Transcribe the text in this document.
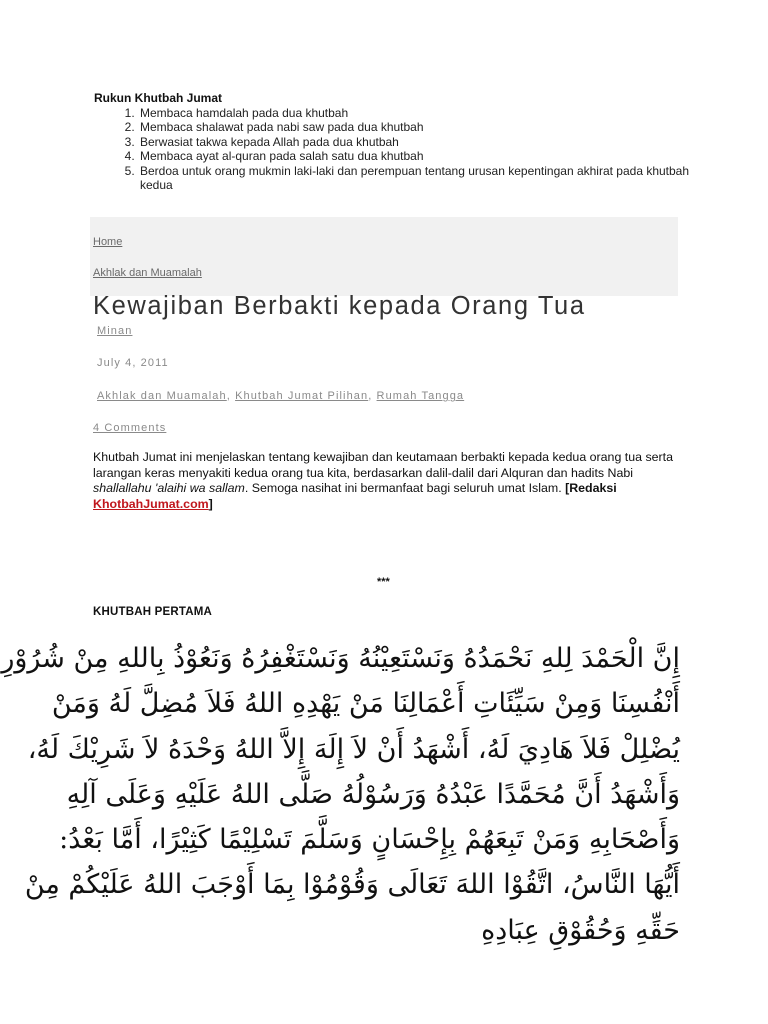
Rukun Khutbah Jumat
1. Membaca hamdalah pada dua khutbah
2. Membaca shalawat pada nabi saw pada dua khutbah
3. Berwasiat takwa kepada Allah pada dua khutbah
4. Membaca ayat al-quran pada salah satu dua khutbah
5. Berdoa untuk orang mukmin laki-laki dan perempuan tentang urusan kepentingan akhirat pada khutbah kedua
Home
Akhlak dan Muamalah
Kewajiban Berbakti kepada Orang Tua
Minan
July 4, 2011
Akhlak dan Muamalah, Khutbah Jumat Pilihan, Rumah Tangga
4 Comments
Khutbah Jumat ini menjelaskan tentang kewajiban dan keutamaan berbakti kepada kedua orang tua serta larangan keras menyakiti kedua orang tua kita, berdasarkan dalil-dalil dari Alquran dan hadits Nabi shallallahu 'alaihi wa sallam. Semoga nasihat ini bermanfaat bagi seluruh umat Islam. [Redaksi KhotbahJumat.com]
***
KHUTBAH PERTAMA
إِنَّ الْحَمْدَ لِلهِ نَحْمَدُهُ وَنَسْتَعِيْنُهُ وَنَسْتَغْفِرُهُ وَنَعُوْذُ بِاللهِ مِنْ شُرُوْرِ
أَنْفُسِنَا وَمِنْ سَيِّئَاتِ أَعْمَالِنَا مَنْ يَهْدِهِ اللهُ فَلاَ مُضِلَّ لَهُ وَمَنْ
يُضْلِلْ فَلاَ هَادِيَ لَهُ، أَشْهَدُ أَنْ لاَ إِلَهَ إِلاَّ اللهُ وَحْدَهُ لاَ شَرِيْكَ لَهُ،
وَأَشْهَدُ أَنَّ مُحَمَّدًا عَبْدُهُ وَرَسُوْلُهُ صَلَّى اللهُ عَلَيْهِ وَعَلَى آلِهِ
وَأَصْحَابِهِ وَمَنْ تَبِعَهُمْ بِإِحْسَانٍ وَسَلَّمَ تَسْلِيْمًا كَثِيْرًا، أَمَّا بَعْدُ:
أَيُّهَا النَّاسُ، اتَّقُوْا اللهَ تَعَالَى وَقُوْمُوْا بِمَا أَوْجَبَ اللهُ عَلَيْكُمْ مِنْ
حَقِّهِ وَحُقُوْقِ عِبَادِهِ
